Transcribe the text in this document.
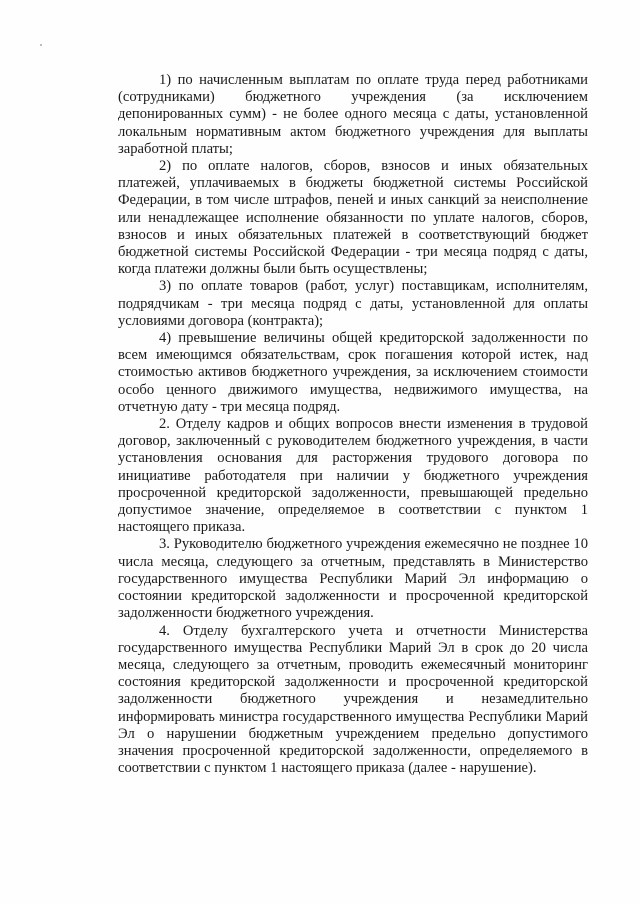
1) по начисленным выплатам по оплате труда перед работниками (сотрудниками) бюджетного учреждения (за исключением депонированных сумм) - не более одного месяца с даты, установленной локальным нормативным актом бюджетного учреждения для выплаты заработной платы;

2) по оплате налогов, сборов, взносов и иных обязательных платежей, уплачиваемых в бюджеты бюджетной системы Российской Федерации, в том числе штрафов, пеней и иных санкций за неисполнение или ненадлежащее исполнение обязанности по уплате налогов, сборов, взносов и иных обязательных платежей в соответствующий бюджет бюджетной системы Российской Федерации - три месяца подряд с даты, когда платежи должны были быть осуществлены;

3) по оплате товаров (работ, услуг) поставщикам, исполнителям, подрядчикам - три месяца подряд с даты, установленной для оплаты условиями договора (контракта);

4) превышение величины общей кредиторской задолженности по всем имеющимся обязательствам, срок погашения которой истек, над стоимостью активов бюджетного учреждения, за исключением стоимости особо ценного движимого имущества, недвижимого имущества, на отчетную дату - три месяца подряд.

2. Отделу кадров и общих вопросов внести изменения в трудовой договор, заключенный с руководителем бюджетного учреждения, в части установления основания для расторжения трудового договора по инициативе работодателя при наличии у бюджетного учреждения просроченной кредиторской задолженности, превышающей предельно допустимое значение, определяемое в соответствии с пунктом 1 настоящего приказа.

3. Руководителю бюджетного учреждения ежемесячно не позднее 10 числа месяца, следующего за отчетным, представлять в Министерство государственного имущества Республики Марий Эл информацию о состоянии кредиторской задолженности и просроченной кредиторской задолженности бюджетного учреждения.

4. Отделу бухгалтерского учета и отчетности Министерства государственного имущества Республики Марий Эл в срок до 20 числа месяца, следующего за отчетным, проводить ежемесячный мониторинг состояния кредиторской задолженности и просроченной кредиторской задолженности бюджетного учреждения и незамедлительно информировать министра государственного имущества Республики Марий Эл о нарушении бюджетным учреждением предельно допустимого значения просроченной кредиторской задолженности, определяемого в соответствии с пунктом 1 настоящего приказа (далее - нарушение).
